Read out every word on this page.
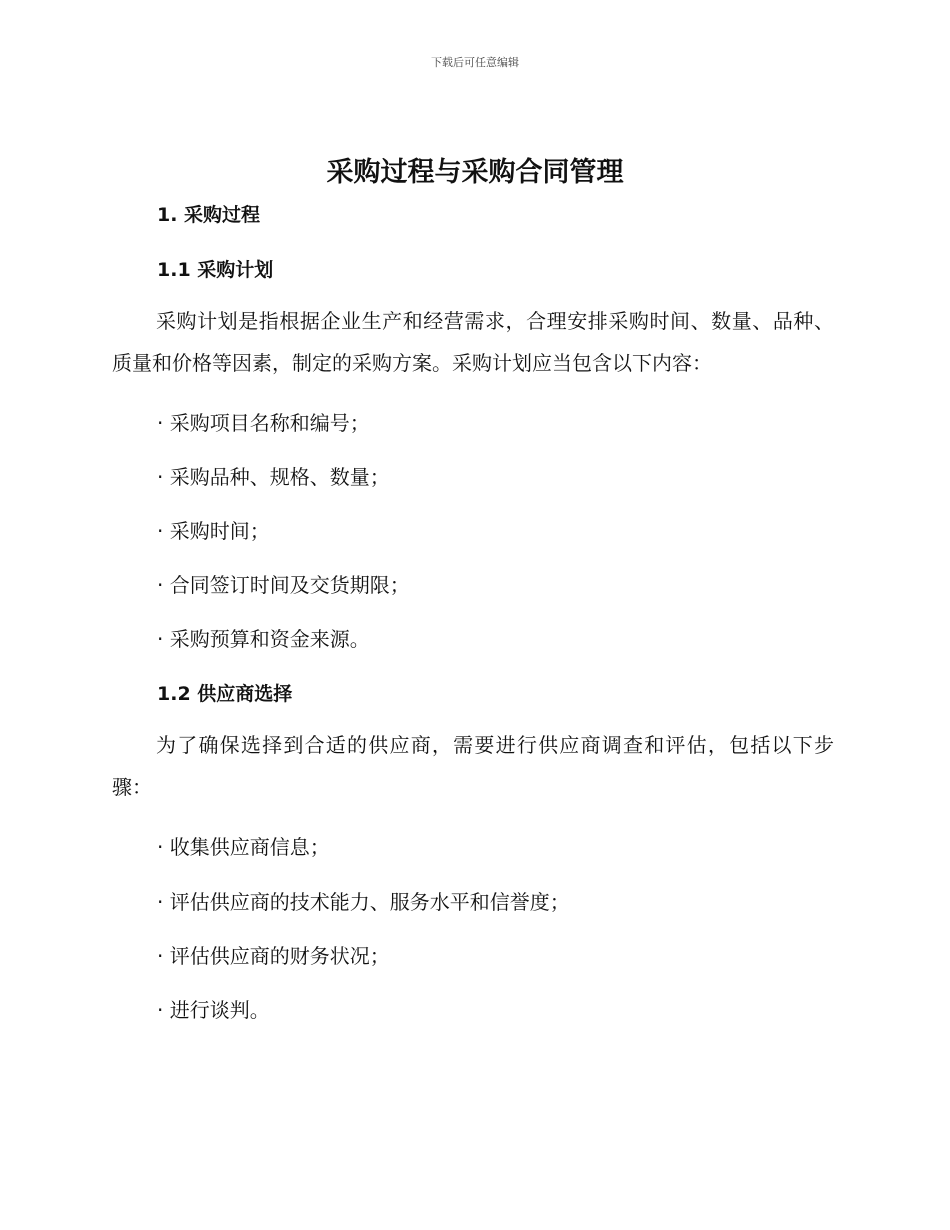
下载后可任意编辑
采购过程与采购合同管理
1. 采购过程
1.1 采购计划
采购计划是指根据企业生产和经营需求，合理安排采购时间、数量、品种、质量和价格等因素，制定的采购方案。采购计划应当包含以下内容：
· 采购项目名称和编号；
· 采购品种、规格、数量；
· 采购时间；
· 合同签订时间及交货期限；
· 采购预算和资金来源。
1.2 供应商选择
为了确保选择到合适的供应商，需要进行供应商调查和评估，包括以下步骤：
· 收集供应商信息；
· 评估供应商的技术能力、服务水平和信誉度；
· 评估供应商的财务状况；
· 进行谈判。
